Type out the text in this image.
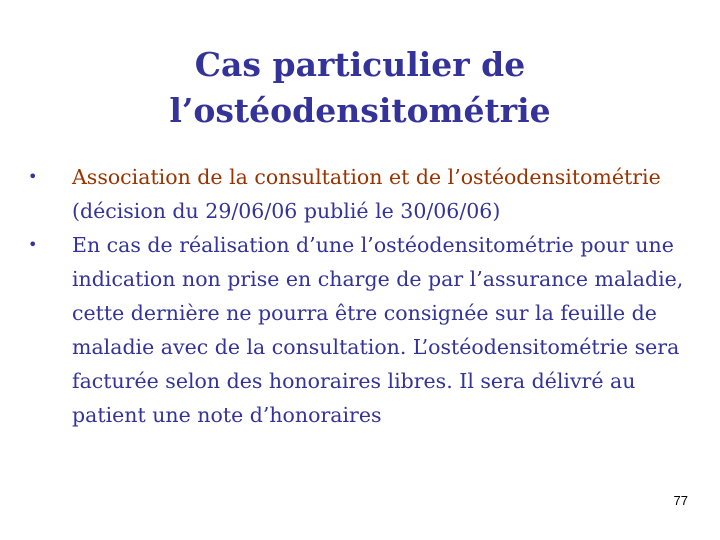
Cas particulier de
l’ostéodensitométrie
• Association de la consultation et de l’ostéodensitométrie (décision du 29/06/06 publié le 30/06/06)
• En cas de réalisation d’une l’ostéodensitométrie pour une indication non prise en charge de par l’assurance maladie, cette dernière ne pourra être consignée sur la feuille de maladie avec de la consultation. L’ostéodensitométrie sera facturée selon des honoraires libres. Il sera délivré au patient une note d’honoraires
77
